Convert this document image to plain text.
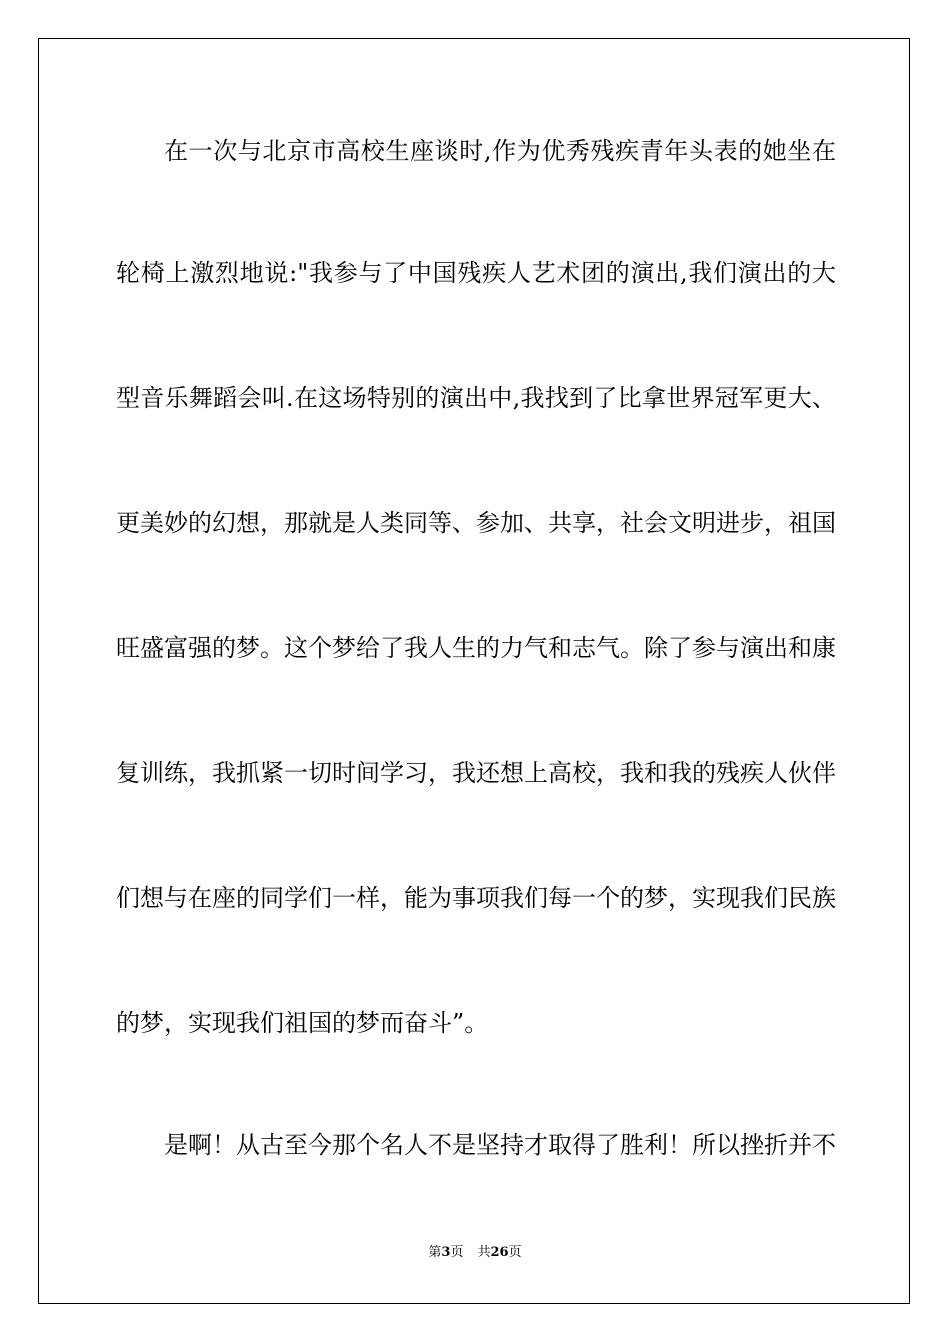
在一次与北京市高校生座谈时,作为优秀残疾青年头表的她坐在
轮椅上激烈地说:"我参与了中国残疾人艺术团的演出,我们演出的大
型音乐舞蹈会叫.在这场特别的演出中,我找到了比拿世界冠军更大、
更美妙的幻想，那就是人类同等、参加、共享，社会文明进步，祖国
旺盛富强的梦。这个梦给了我人生的力气和志气。除了参与演出和康
复训练，我抓紧一切时间学习，我还想上高校，我和我的残疾人伙伴
们想与在座的同学们一样，能为事项我们每一个的梦，实现我们民族
的梦，实现我们祖国的梦而奋斗”。
是啊！从古至今那个名人不是坚持才取得了胜利！所以挫折并不
第3页 共26页
